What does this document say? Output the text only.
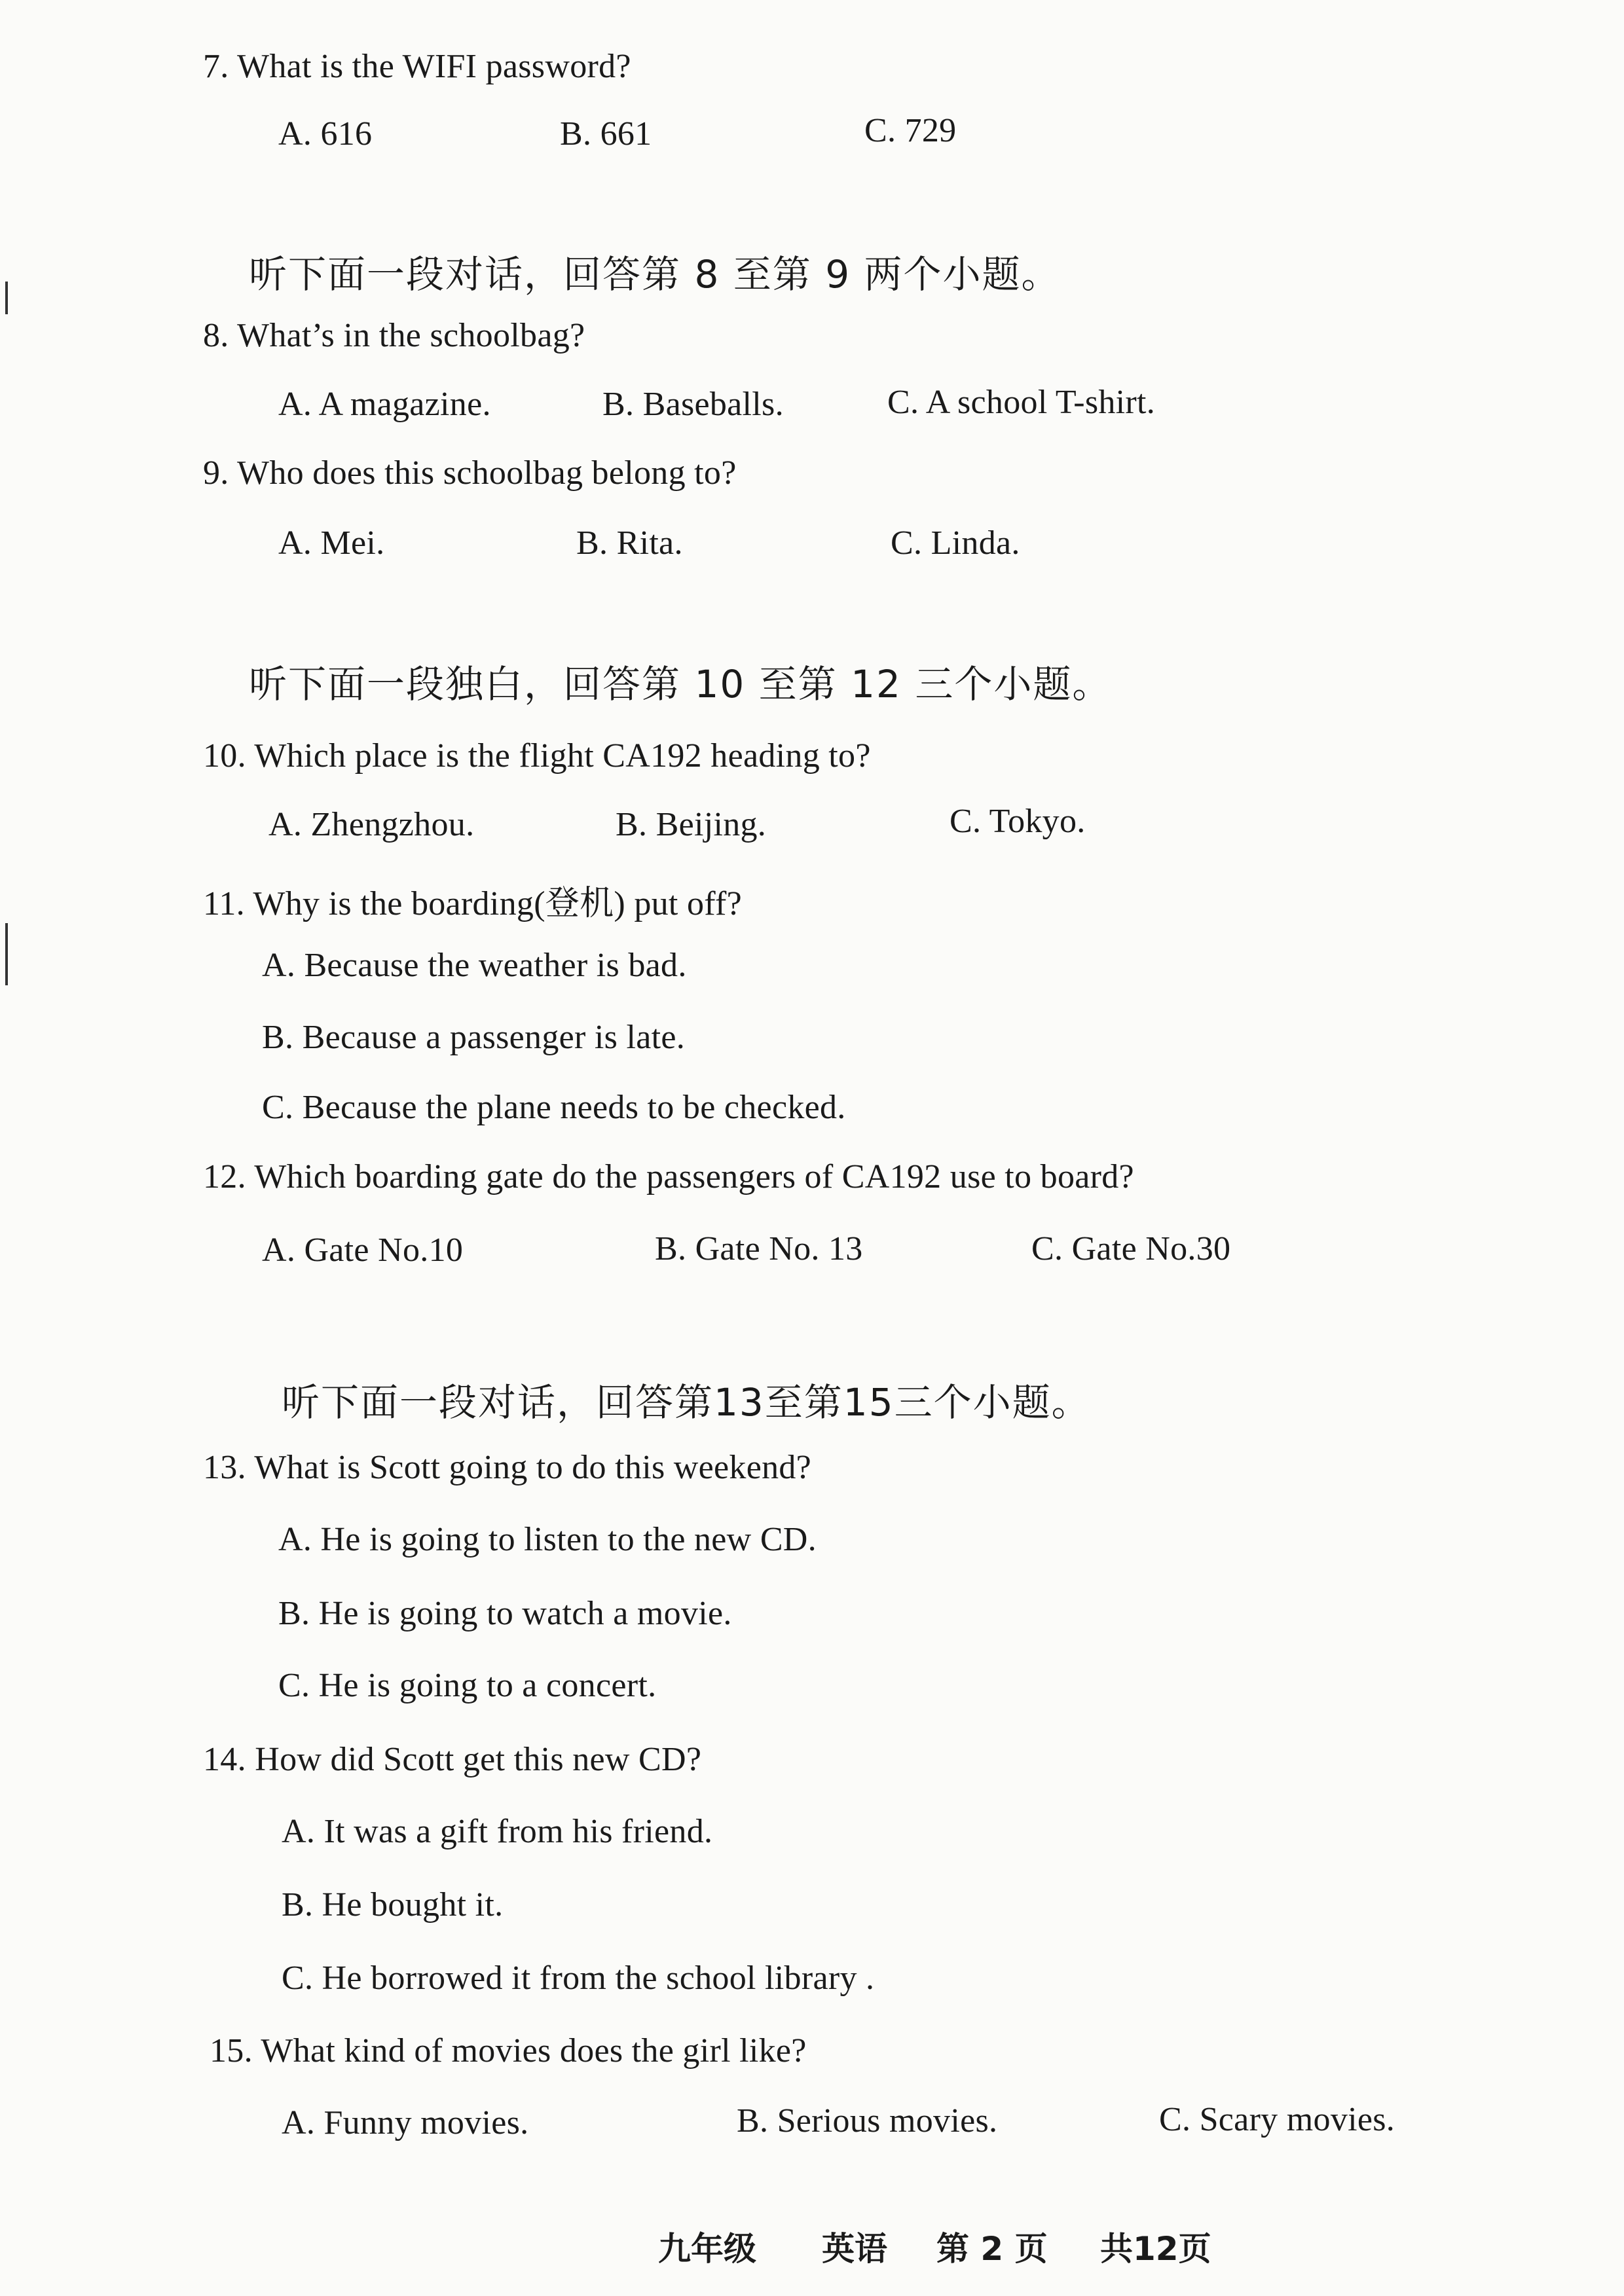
7. What is the WIFI password?
A. 616	B. 661	C. 729
听下面一段对话，回答第 8 至第 9 两个小题。
8. What’s in the schoolbag?
A. A magazine.	B. Baseballs.	C. A school T-shirt.
9. Who does this schoolbag belong to?
A. Mei.	B. Rita.	C. Linda.
听下面一段独白，回答第 10 至第 12 三个小题。
10. Which place is the flight CA192 heading to?
A. Zhengzhou.	B. Beijing.	C. Tokyo.
11. Why is the boarding(登机) put off?
A. Because the weather is bad.
B. Because a passenger is late.
C. Because the plane needs to be checked.
12. Which boarding gate do the passengers of CA192 use to board?
A. Gate No.10	B. Gate No. 13	C. Gate No.30
听下面一段对话，回答第13至第15三个小题。
13. What is Scott going to do this weekend?
A. He is going to listen to the new CD.
B. He is going to watch a movie.
C. He is going to a concert.
14. How did Scott get this new CD?
A. It was a gift from his friend.
B. He bought it.
C. He borrowed it from the school library .
15. What kind of movies does the girl like?
A. Funny movies.	B. Serious movies.	C. Scary movies.
九年级 英语 第 2 页 共12页
